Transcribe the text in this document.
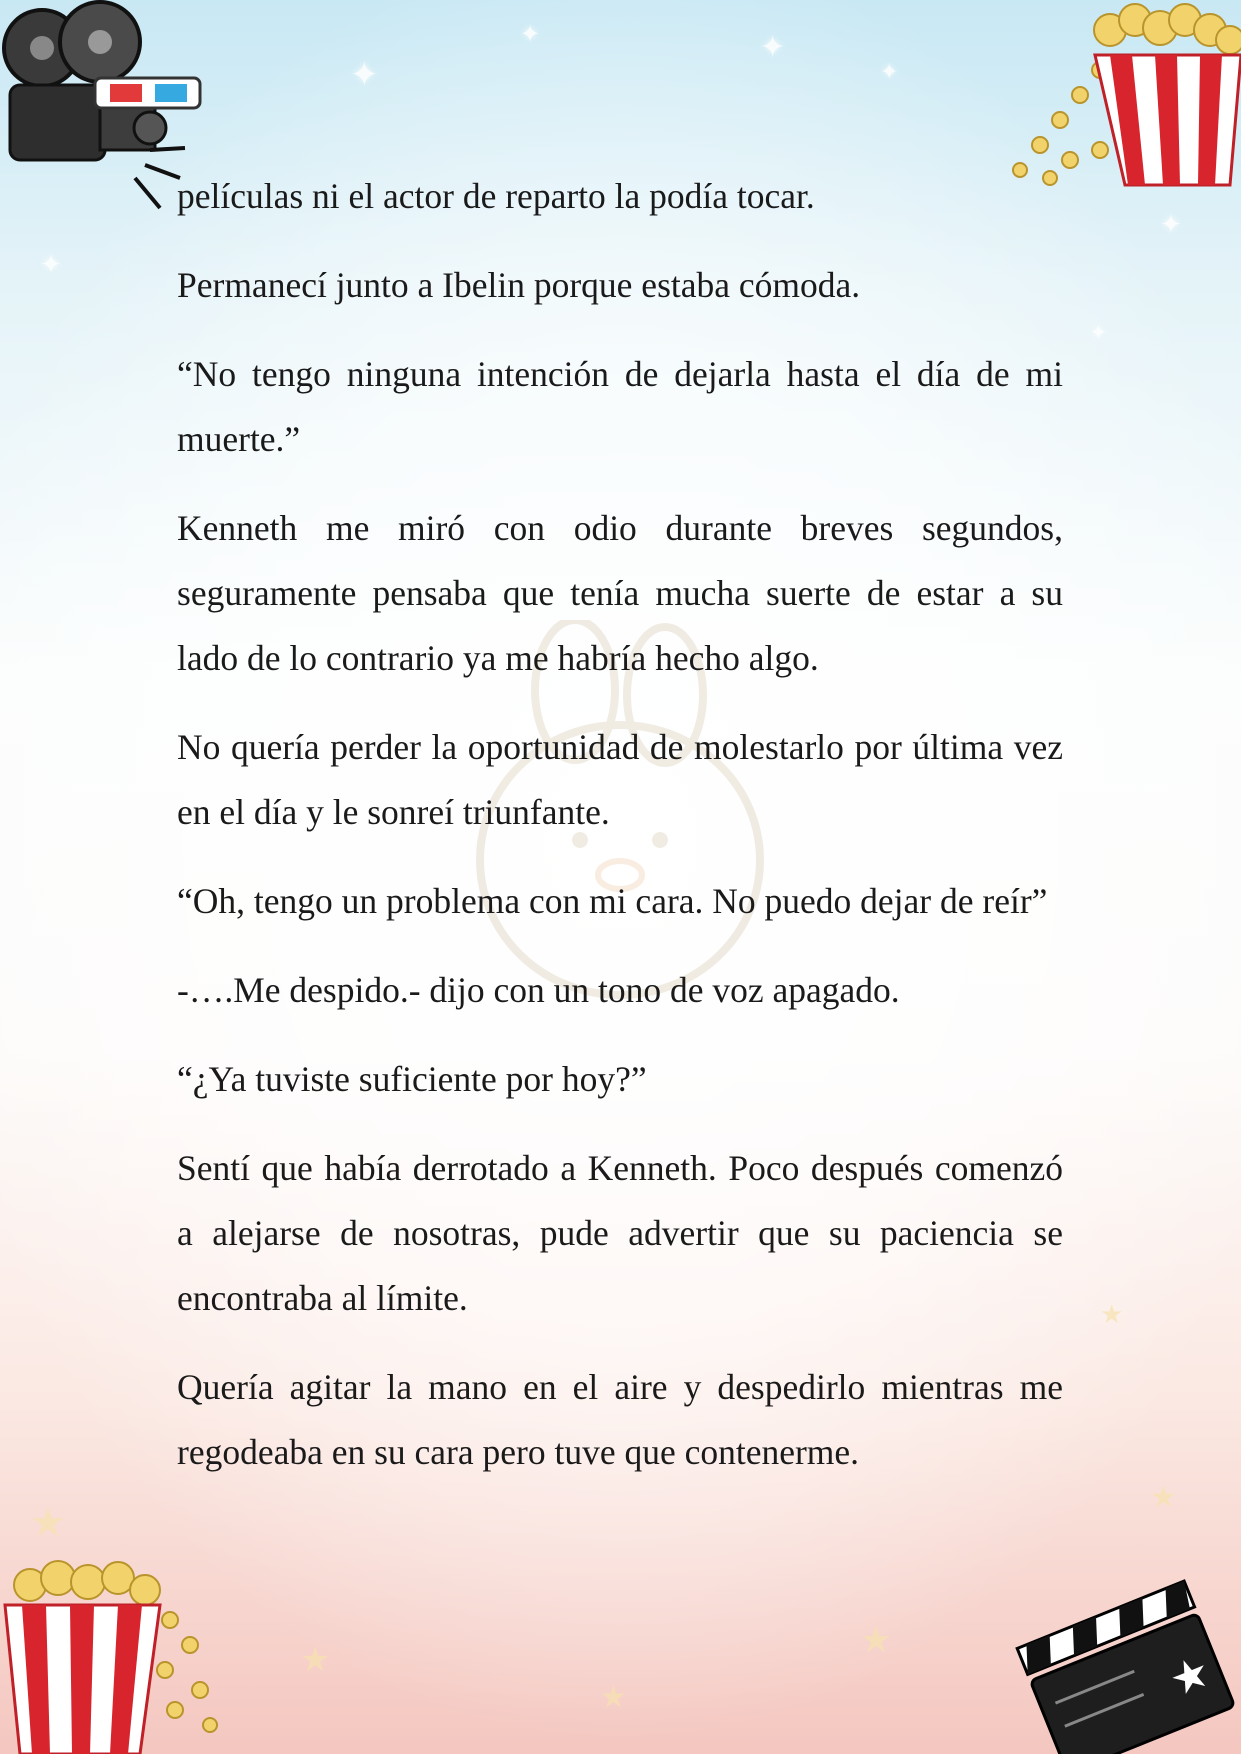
✦
✦	✦
✦
✦
✦
✦
★
★
★
★
★
★
★

películas ni el actor de reparto la podía tocar.

Permanecí junto a Ibelin porque estaba cómoda.

“No tengo ninguna intención de dejarla hasta el día de mi muerte.”

Kenneth me miró con odio durante breves segundos, seguramente pensaba que tenía mucha suerte de estar a su lado de lo contrario ya me habría hecho algo.

No quería perder la oportunidad de molestarlo por última vez en el día y le sonreí triunfante.

“Oh, tengo un problema con mi cara. No puedo dejar de reír”

-….Me despido.- dijo con un tono de voz apagado.

“¿Ya tuviste suficiente por hoy?”

Sentí que había derrotado a Kenneth. Poco después comenzó a alejarse de nosotras, pude advertir que su paciencia se encontraba al límite.

Quería agitar la mano en el aire y despedirlo mientras me regodeaba en su cara pero tuve que contenerme.
